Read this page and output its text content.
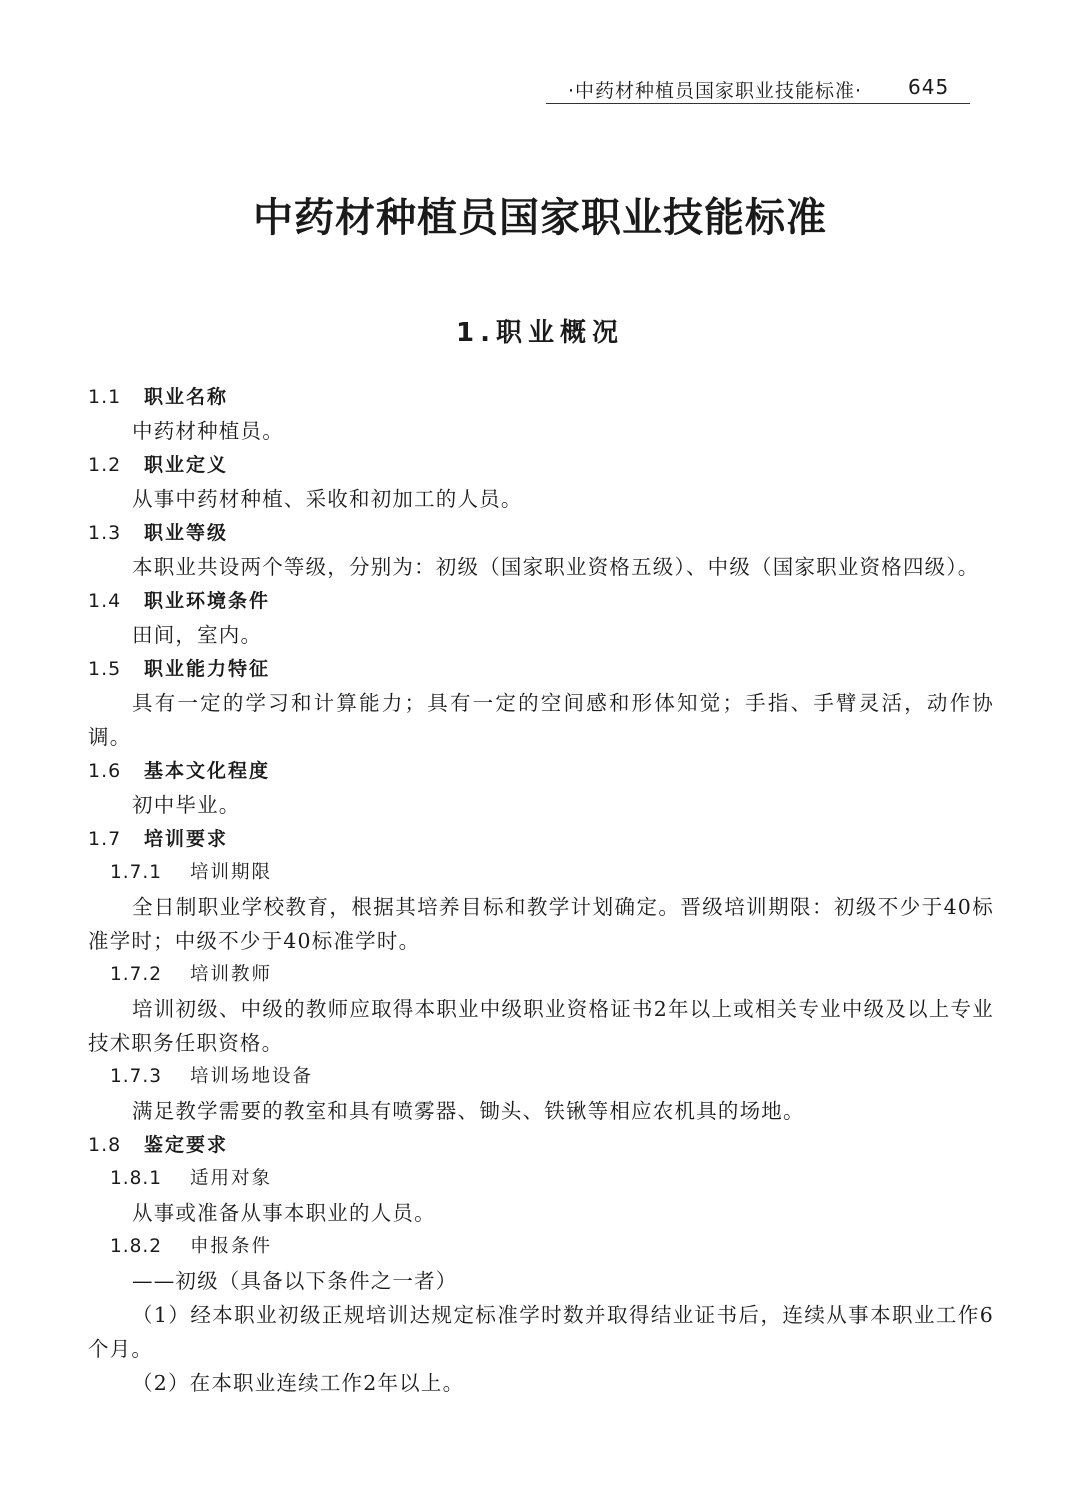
·中药材种植员国家职业技能标准· 645
中药材种植员国家职业技能标准
1.职业概况
1.1 职业名称
中药材种植员。
1.2 职业定义
从事中药材种植、采收和初加工的人员。
1.3 职业等级
本职业共设两个等级，分别为：初级（国家职业资格五级）、中级（国家职业资格四级）。
1.4 职业环境条件
田间，室内。
1.5 职业能力特征
具有一定的学习和计算能力；具有一定的空间感和形体知觉；手指、手臂灵活，动作协调。
1.6 基本文化程度
初中毕业。
1.7 培训要求
1.7.1 培训期限
全日制职业学校教育，根据其培养目标和教学计划确定。晋级培训期限：初级不少于40标准学时；中级不少于40标准学时。
1.7.2 培训教师
培训初级、中级的教师应取得本职业中级职业资格证书2年以上或相关专业中级及以上专业技术职务任职资格。
1.7.3 培训场地设备
满足教学需要的教室和具有喷雾器、锄头、铁锹等相应农机具的场地。
1.8 鉴定要求
1.8.1 适用对象
从事或准备从事本职业的人员。
1.8.2 申报条件
——初级（具备以下条件之一者）
（1）经本职业初级正规培训达规定标准学时数并取得结业证书后，连续从事本职业工作6个月。
（2）在本职业连续工作2年以上。
